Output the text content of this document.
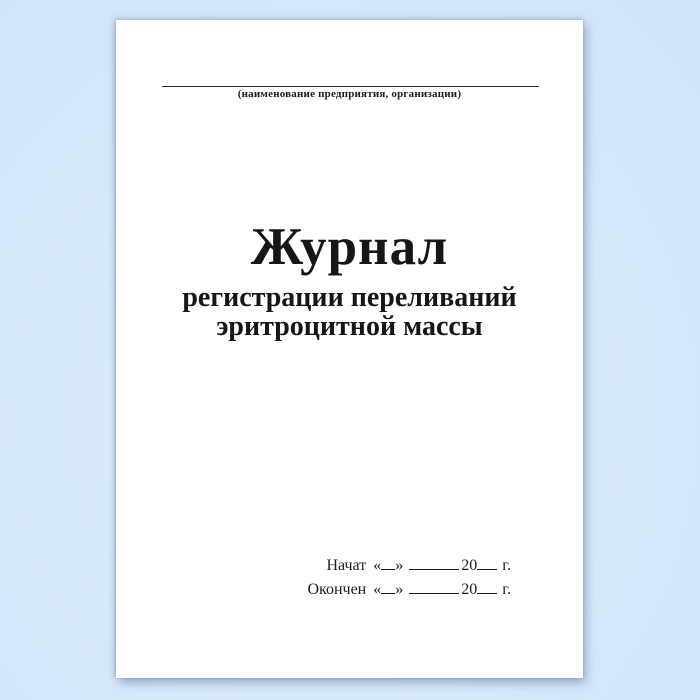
(наименование предприятия, организации)
Журнал
регистрации переливаний
эритроцитной массы
Начат « »	20 г.
Окончен « »	20 г.
